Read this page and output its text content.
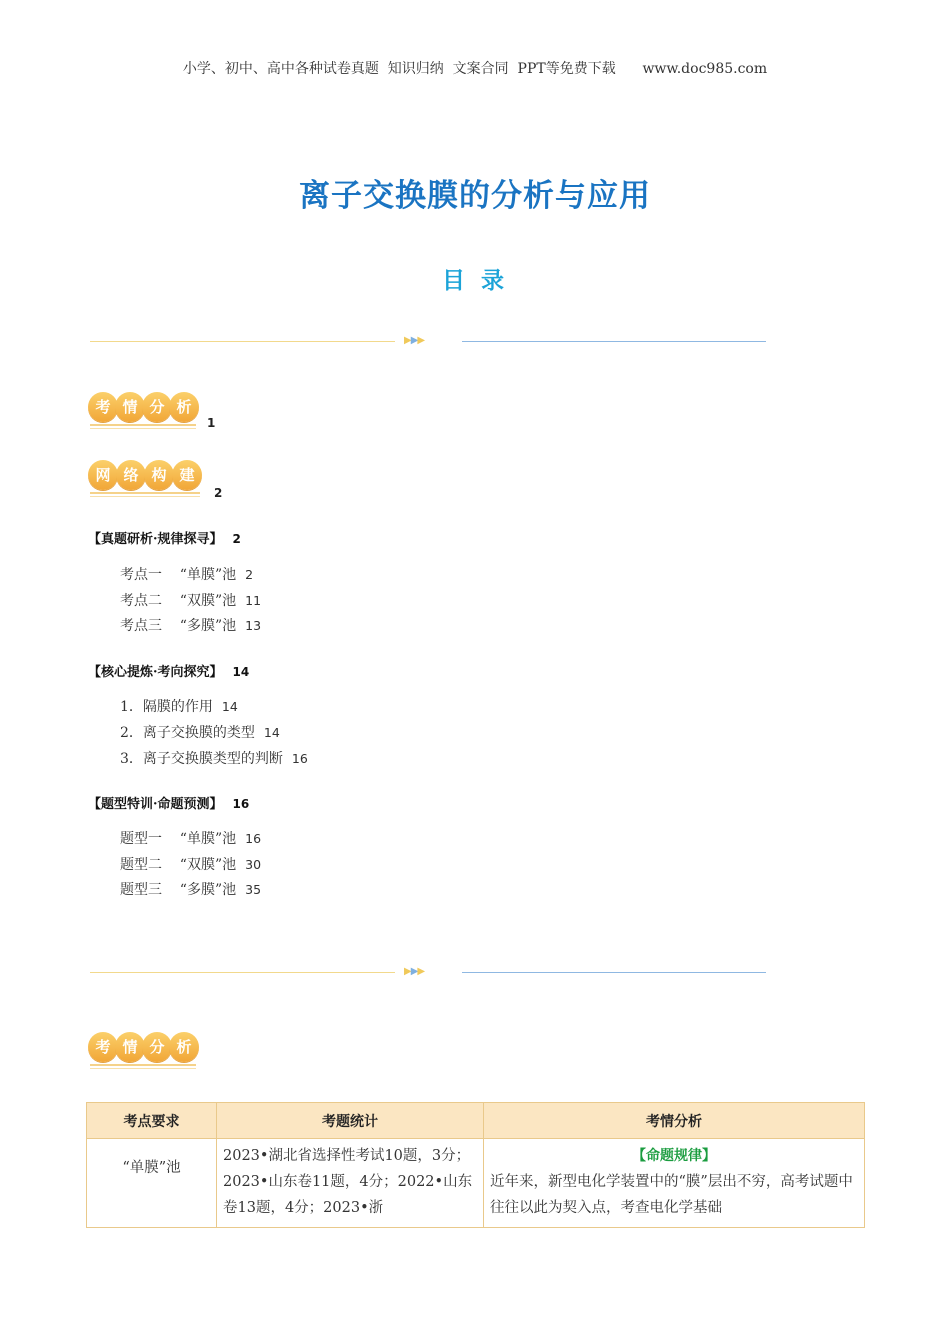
小学、初中、高中各种试卷真题  知识归纳  文案合同  PPT等免费下载      www.doc985.com
离子交换膜的分析与应用
目 录
▶▶▶
考 情 分 析
1
网 络 构 建
2
【真题研析·规律探寻】 2
考点一    “单膜”池 2
考点二    “双膜”池 11
考点三    “多膜”池 13
【核心提炼·考向探究】 14
1．隔膜的作用 14
2．离子交换膜的类型 14
3．离子交换膜类型的判断 16
【题型特训·命题预测】 16
题型一    “单膜”池 16
题型二    “双膜”池 30
题型三    “多膜”池 35
▶▶▶
考 情 分 析
考点要求	考题统计	考情分析
“单膜”池	2023•湖北省选择性考试10题，3分；2023•山东卷11题，4分；2022•山东卷13题，4分；2023•浙	【命题规律】
近年来，新型电化学装置中的“膜”层出不穷，高考试题中往往以此为契入点，考查电化学基础
